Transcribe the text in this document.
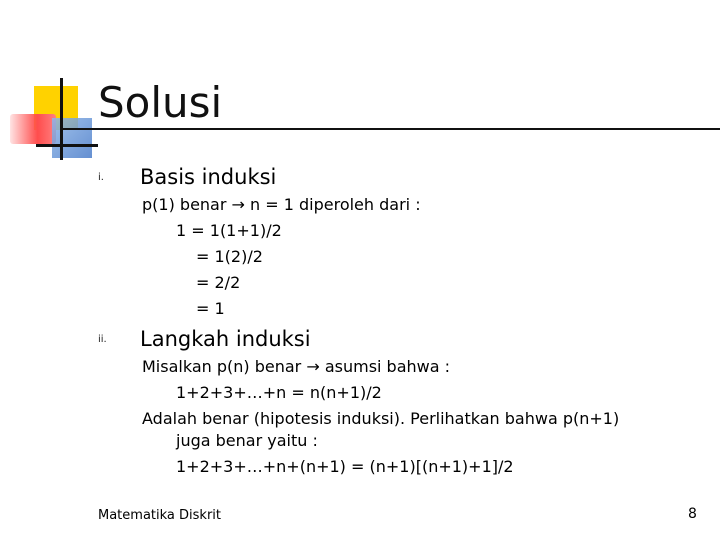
Solusi
i. Basis induksi
p(1) benar → n = 1 diperoleh dari :
1 = 1(1+1)/2
= 1(2)/2
= 2/2
= 1
ii. Langkah induksi
Misalkan p(n) benar → asumsi bahwa :
1+2+3+…+n = n(n+1)/2
Adalah benar (hipotesis induksi). Perlihatkan bahwa p(n+1)
juga benar yaitu :
1+2+3+…+n+(n+1) = (n+1)[(n+1)+1]/2
Matematika Diskrit	8
